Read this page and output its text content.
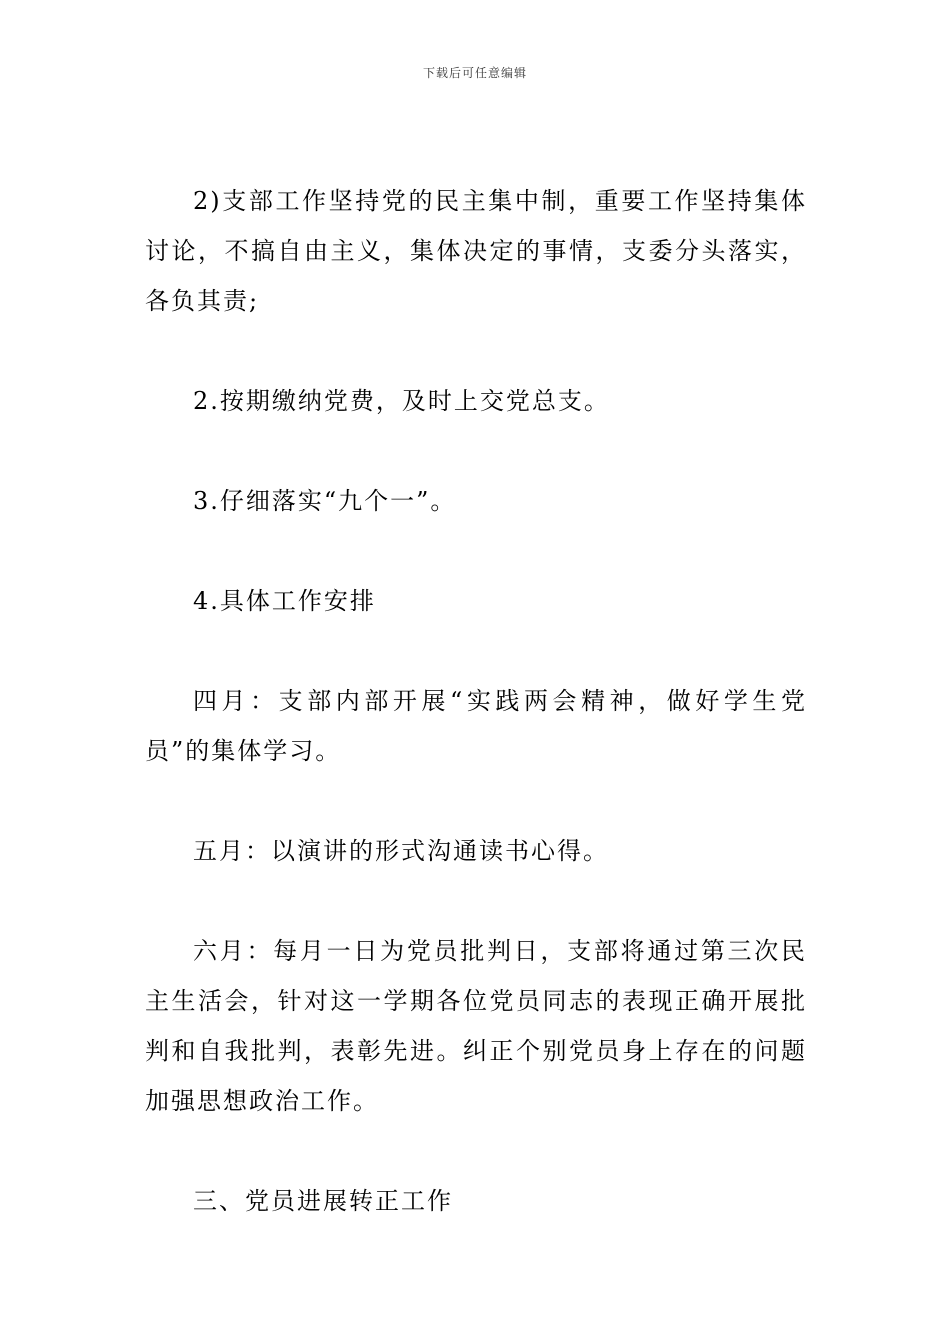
下载后可任意编辑

2)支部工作坚持党的民主集中制，重要工作坚持集体讨论，不搞自由主义，集体决定的事情，支委分头落实，各负其责;

2.按期缴纳党费，及时上交党总支。

3.仔细落实“九个一”。

4.具体工作安排

四月：支部内部开展“实践两会精神，做好学生党员”的集体学习。

五月：以演讲的形式沟通读书心得。

六月：每月一日为党员批判日，支部将通过第三次民主生活会，针对这一学期各位党员同志的表现正确开展批判和自我批判，表彰先进。纠正个别党员身上存在的问题加强思想政治工作。

三、党员进展转正工作
